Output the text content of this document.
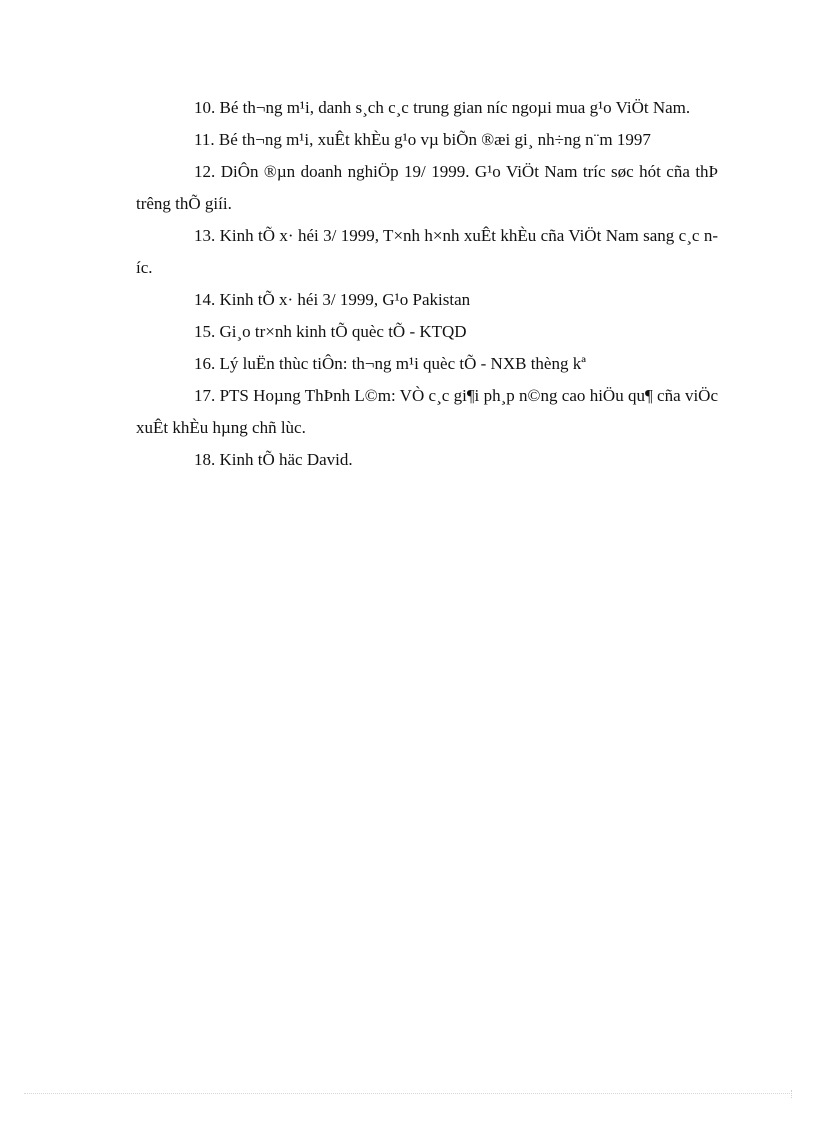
10. Bé th¬ng m¹i, danh s¸ch c¸c trung gian níc ngoµi mua g¹o ViÖt Nam.

11. Bé th¬ng m¹i, xuÊt khÈu g¹o vµ biÕn ®æi gi¸ nh÷ng n¨m 1997

12. DiÔn ®µn doanh nghiÖp 19/ 1999. G¹o ViÖt Nam tríc søc hót cña thÞ trêng thÕ giíi.

13. Kinh tÕ x· héi 3/ 1999, T×nh h×nh xuÊt khÈu cña ViÖt Nam sang c¸c níc.

14. Kinh tÕ x· héi 3/ 1999, G¹o Pakistan

15. Gi¸o tr×nh kinh tÕ quèc tÕ - KTQD

16. Lý luËn thùc tiÔn: th¬ng m¹i quèc tÕ - NXB thèng kª

17. PTS Hoµng ThÞnh L©m: VÒ c¸c gi¶i ph¸p n©ng cao hiÖu qu¶ cña viÖc xuÊt khÈu hµng chñ lùc.

18. Kinh tÕ häc David.
